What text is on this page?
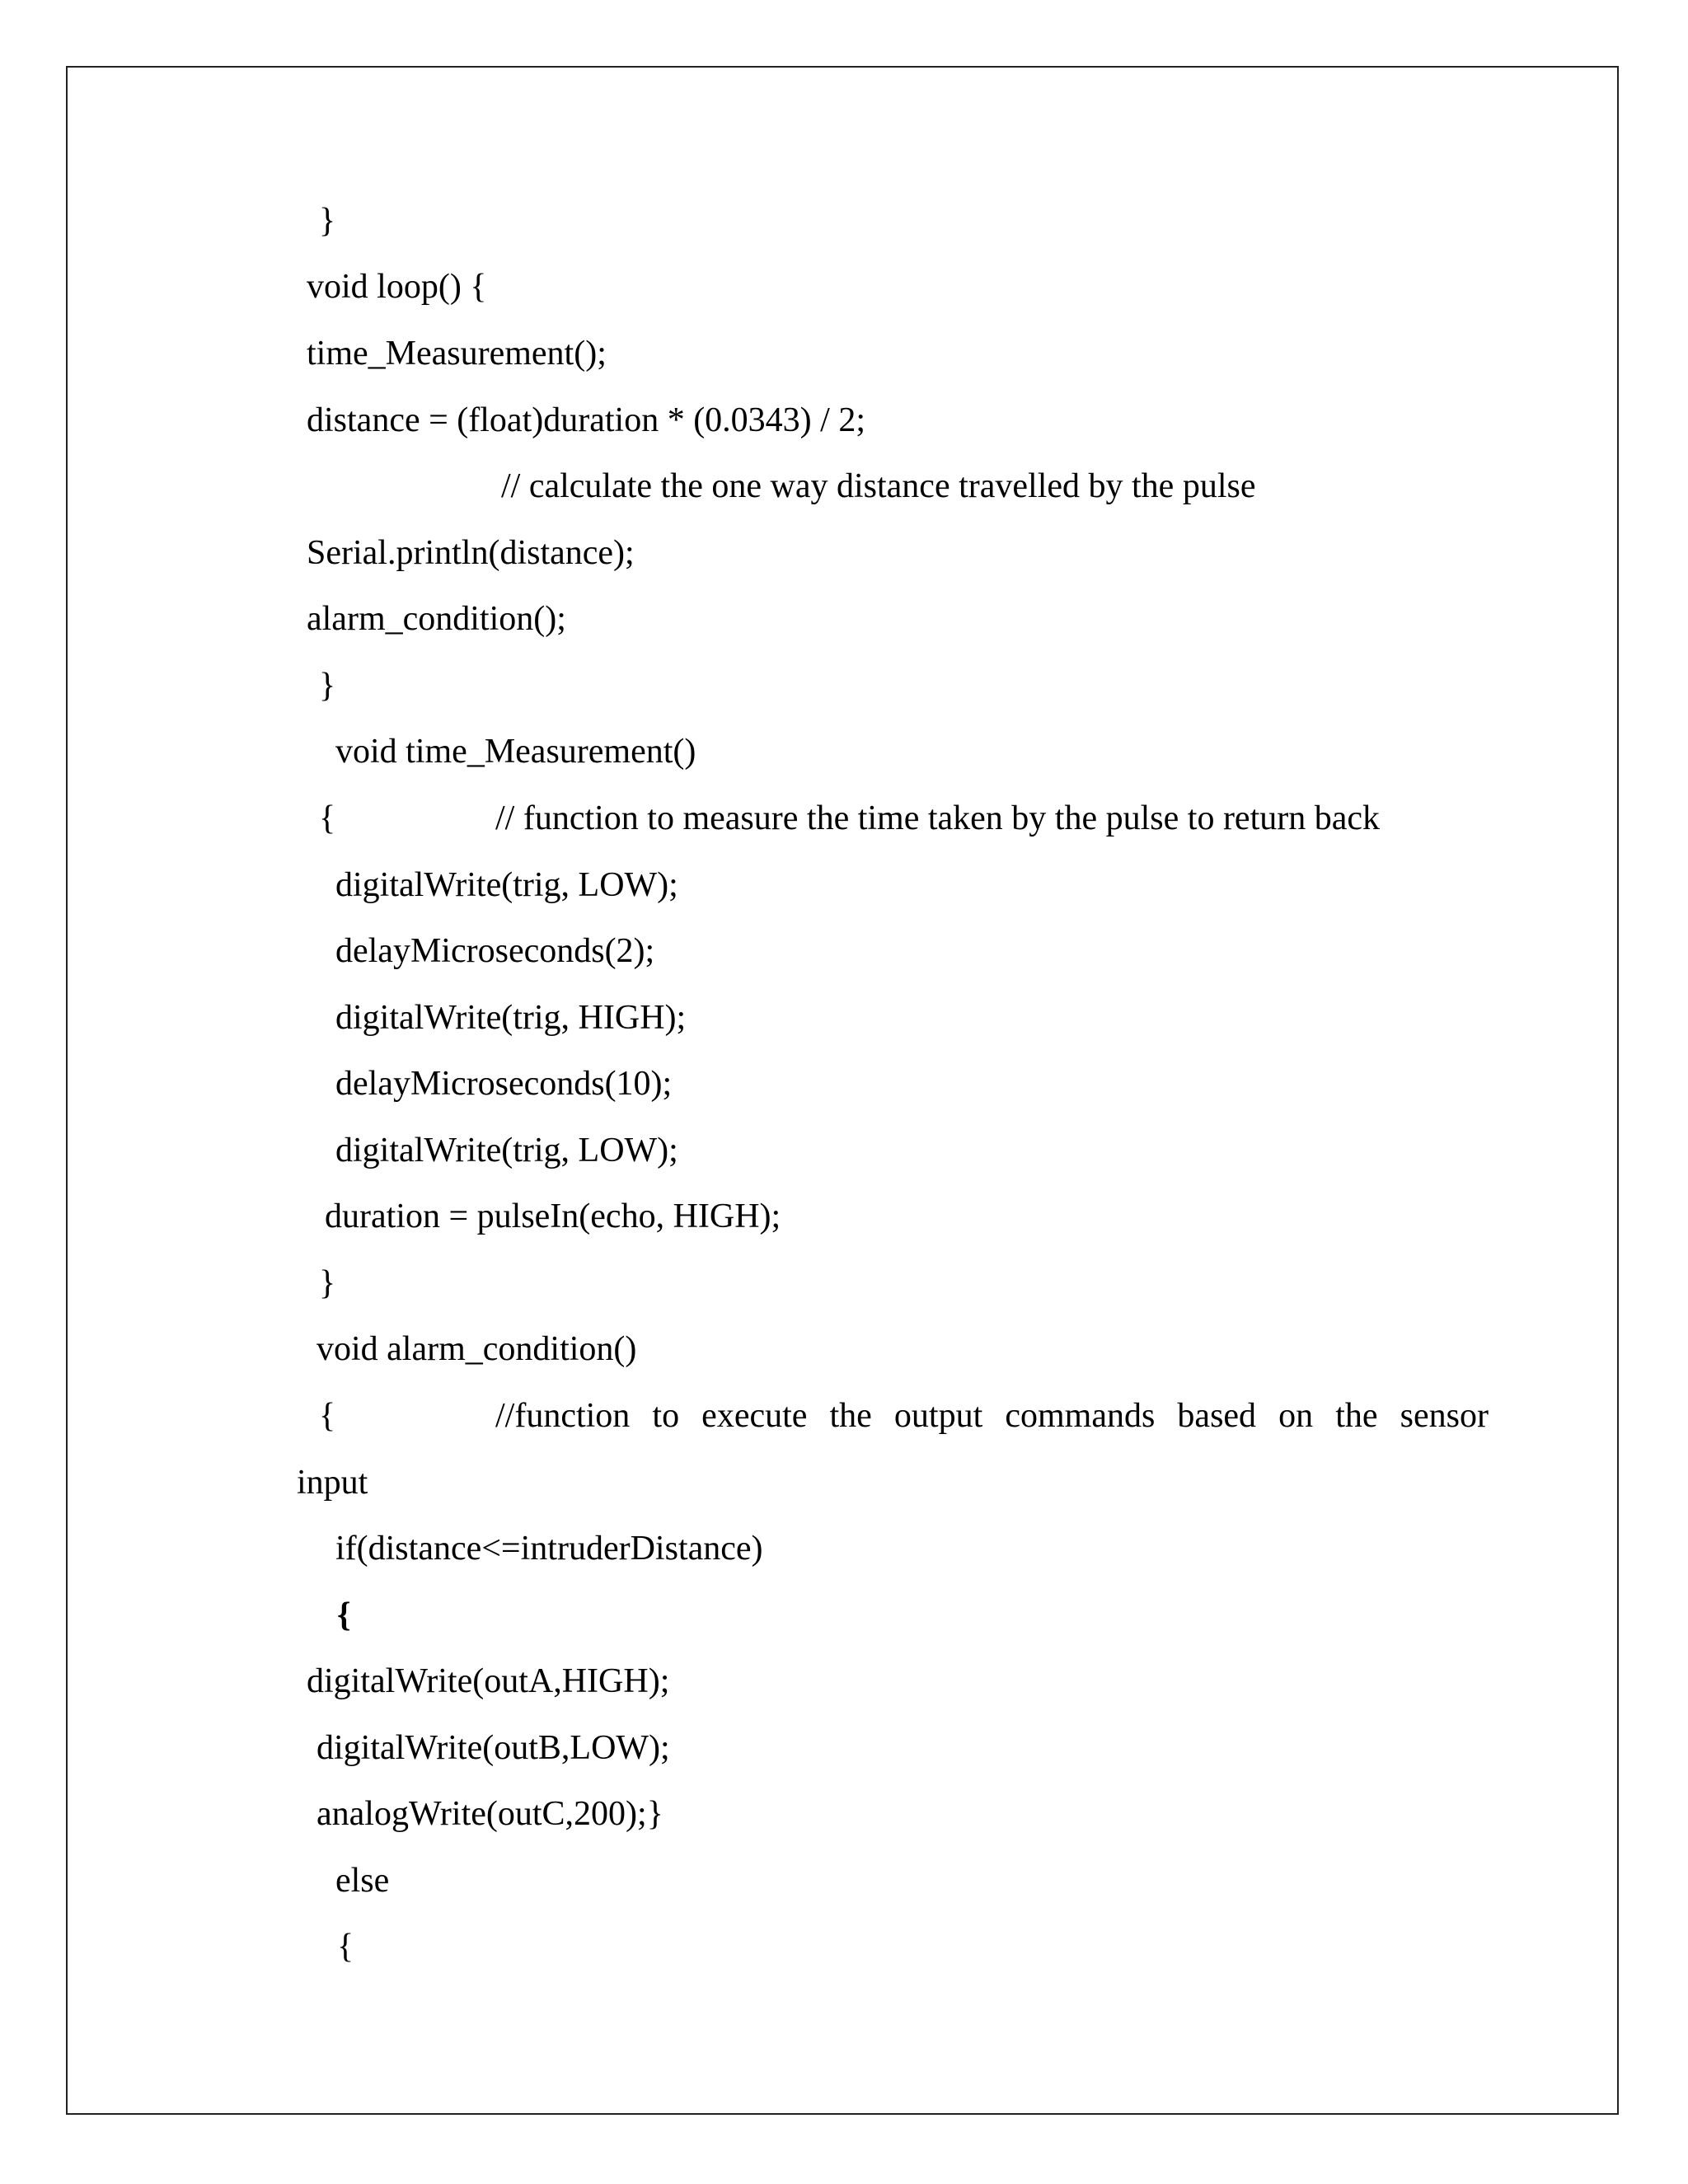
}
void loop() {
time_Measurement();
distance = (float)duration * (0.0343) / 2;
// calculate the one way distance travelled by the pulse
Serial.println(distance);
alarm_condition();
}
void time_Measurement()
{	// function to measure the time taken by the pulse to return back
digitalWrite(trig, LOW);
delayMicroseconds(2);
digitalWrite(trig, HIGH);
delayMicroseconds(10);
digitalWrite(trig, LOW);
duration = pulseIn(echo, HIGH);
}
void alarm_condition()
{	//function to execute the output commands based on the sensor
input
if(distance<=intruderDistance)
{
digitalWrite(outA,HIGH);
digitalWrite(outB,LOW);
analogWrite(outC,200);}
else
{
